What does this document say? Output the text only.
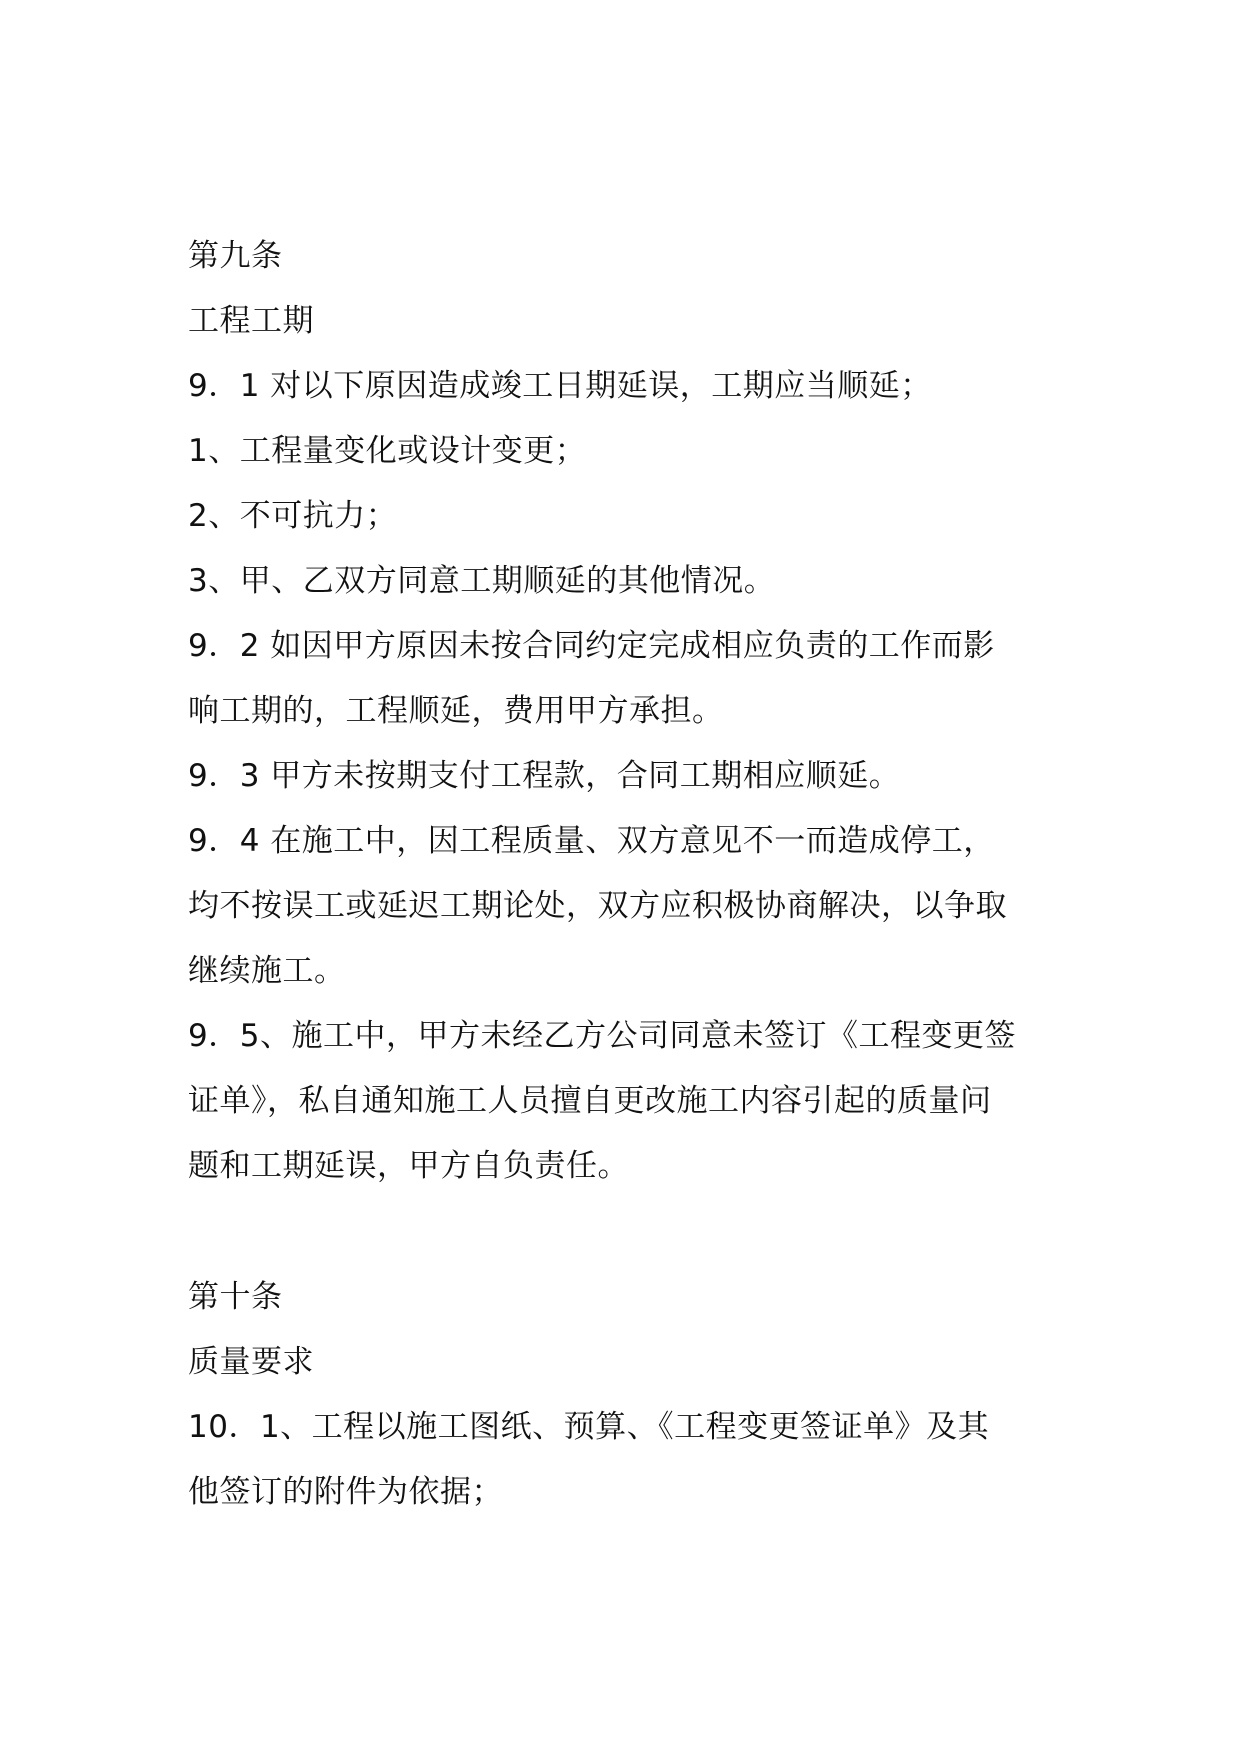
第九条
工程工期
9．1 对以下原因造成竣工日期延误，工期应当顺延；
1、工程量变化或设计变更；
2、不可抗力；
3、甲、乙双方同意工期顺延的其他情况。
9．2 如因甲方原因未按合同约定完成相应负责的工作而影
响工期的，工程顺延，费用甲方承担。
9．3 甲方未按期支付工程款，合同工期相应顺延。
9．4 在施工中，因工程质量、双方意见不一而造成停工，
均不按误工或延迟工期论处，双方应积极协商解决，以争取
继续施工。
9．5、施工中，甲方未经乙方公司同意未签订《工程变更签
证单》，私自通知施工人员擅自更改施工内容引起的质量问
题和工期延误，甲方自负责任。
第十条
质量要求
10．1、工程以施工图纸、预算、《工程变更签证单》及其
他签订的附件为依据；
